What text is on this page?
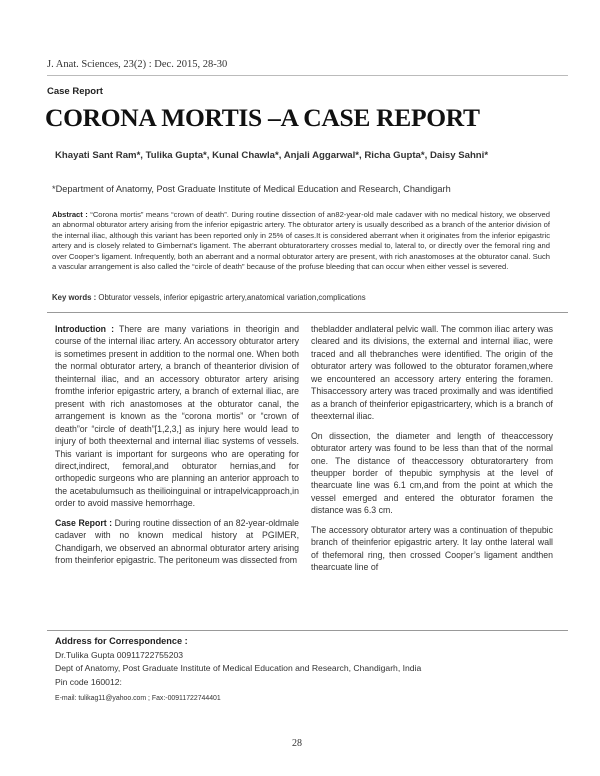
J. Anat. Sciences, 23(2) : Dec. 2015, 28-30
Case Report
CORONA MORTIS –A CASE REPORT
Khayati Sant Ram*, Tulika Gupta*, Kunal Chawla*, Anjali Aggarwal*, Richa Gupta*, Daisy Sahni*
*Department of Anatomy, Post Graduate Institute of Medical Education and Research, Chandigarh
Abstract : “Corona mortis” means “crown of death”. During routine dissection of an82-year-old male cadaver with no medical history, we observed an abnormal obturator artery arising from the inferior epigastric artery. The obturator artery is usually described as a branch of the anterior division of the internal iliac, although this variant has been reported only in 25% of cases.It is considered aberrant when it originates from the inferior epigastric artery and is closely related to Gimbernat’s ligament. The aberrant obturatorartery crosses medial to, lateral to, or directly over the femoral ring and over Cooper’s ligament. Infrequently, both an aberrant and a normal obturator artery are present, with rich anastomoses at the obturator canal. Such a vascular arrangement is also called the “circle of death” because of the profuse bleeding that can occur when either vessel is severed.
Key words : Obturator vessels, inferior epigastric artery,anatomical variation,complications

Introduction : There are many variations in theorigin and course of the internal iliac artery. An accessory obturator artery is sometimes present in addition to the normal one. When both the normal obturator artery, a branch of theanterior division of theinternal iliac, and an accessory obturator artery arising fromthe inferior epigastric artery, a branch of external iliac, are present with rich anastomoses at the obturator canal, the arrangement is known as the “corona mortis” or “crown of death”or “circle of death”[1,2,3,] as injury here would lead to injury of both theexternal and internal iliac systems of vessels. This variant is important for surgeons who are operating for direct,indirect, femoral,and obturator hernias,and for orthopedic surgeons who are planning an anterior approach to the acetabulumsuch as theilioinguinal or intrapelvicapproach,in order to avoid massive hemorrhage.

Case Report : During routine dissection of an 82-year-oldmale cadaver with no known medical history at PGIMER, Chandigarh, we observed an abnormal obturator artery arising from theinferior epigastric. The peritoneum was dissected from

thebladder andlateral pelvic wall. The common iliac artery was cleared and its divisions, the external and internal iliac, were traced and all thebranches were identified. The origin of the obturator artery was followed to the obturator foramen,where we encountered an accessory artery entering the foramen. Thisaccessory artery was traced proximally and was identified as a branch of theinferior epigastricartery, which is a branch of theexternal iliac.

On dissection, the diameter and length of theaccessory obturator artery was found to be less than that of the normal one. The distance of theaccessory obturatorartery from theupper border of thepubic symphysis at the level of thearcuate line was 6.1 cm,and from the point at which the vessel emerged and entered the obturator foramen the distance was 6.3 cm.

The accessory obturator artery was a continuation of thepubic branch of theinferior epigastric artery. It lay onthe lateral wall of thefemoral ring, then crossed Cooper’s ligament andthen thearcuate line of

Address for Correspondence :
Dr.Tulika Gupta 00911722755203
Dept of Anatomy, Post Graduate Institute of Medical Education and Research, Chandigarh, India
Pin code 160012:
E-mail: tulikag11@yahoo.com ; Fax:-00911722744401
28
